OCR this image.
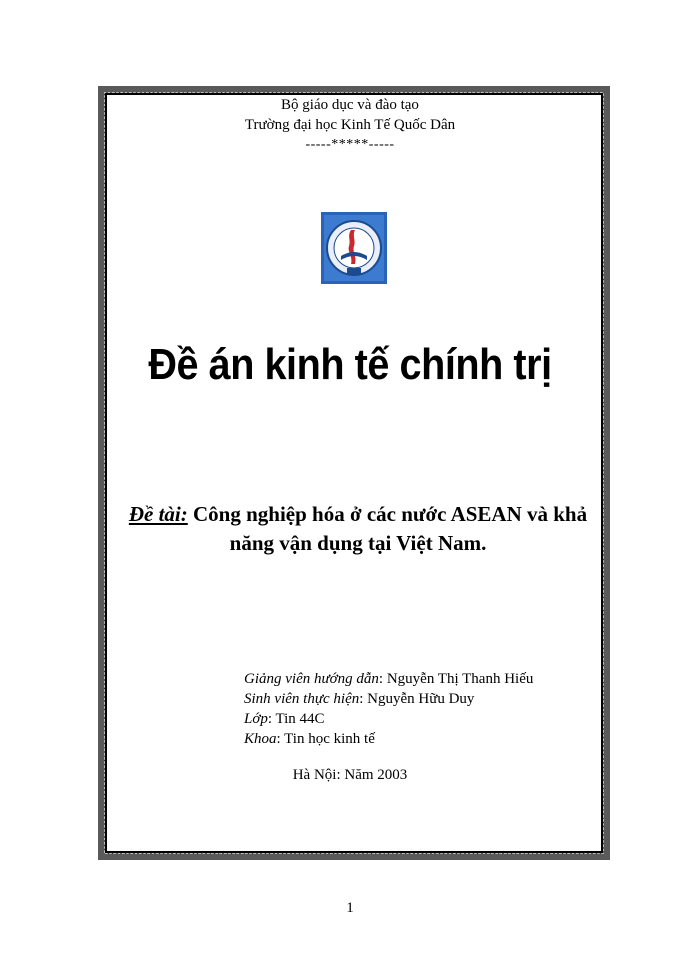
Bộ giáo dục và đào tạo
Trường đại học Kinh Tế Quốc Dân
-----*****-----
Đề án kinh tế chính trị
Đề tài: Công nghiệp hóa ở các nước ASEAN và khả năng vận dụng tại Việt Nam.
Giảng viên hướng dẫn: Nguyễn Thị Thanh Hiếu
Sinh viên thực hiện: Nguyễn Hữu Duy
Lớp: Tin 44C
Khoa: Tin học kinh tế
Hà Nội: Năm 2003
1
